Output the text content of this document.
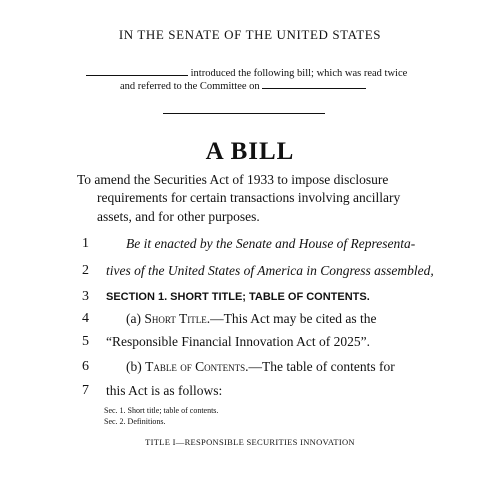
IN THE SENATE OF THE UNITED STATES
introduced the following bill; which was read twice
and referred to the Committee on
A BILL
To amend the Securities Act of 1933 to impose disclosure
requirements for certain transactions involving ancillary
assets, and for other purposes.
1	Be it enacted by the Senate and House of Representa-
2	tives of the United States of America in Congress assembled,
3	SECTION 1. SHORT TITLE; TABLE OF CONTENTS.
4	(a) Short Title.—This Act may be cited as the
5	“Responsible Financial Innovation Act of 2025”.
6	(b) Table of Contents.—The table of contents for
7	this Act is as follows:
Sec. 1. Short title; table of contents.
Sec. 2. Definitions.
TITLE I—RESPONSIBLE SECURITIES INNOVATION
